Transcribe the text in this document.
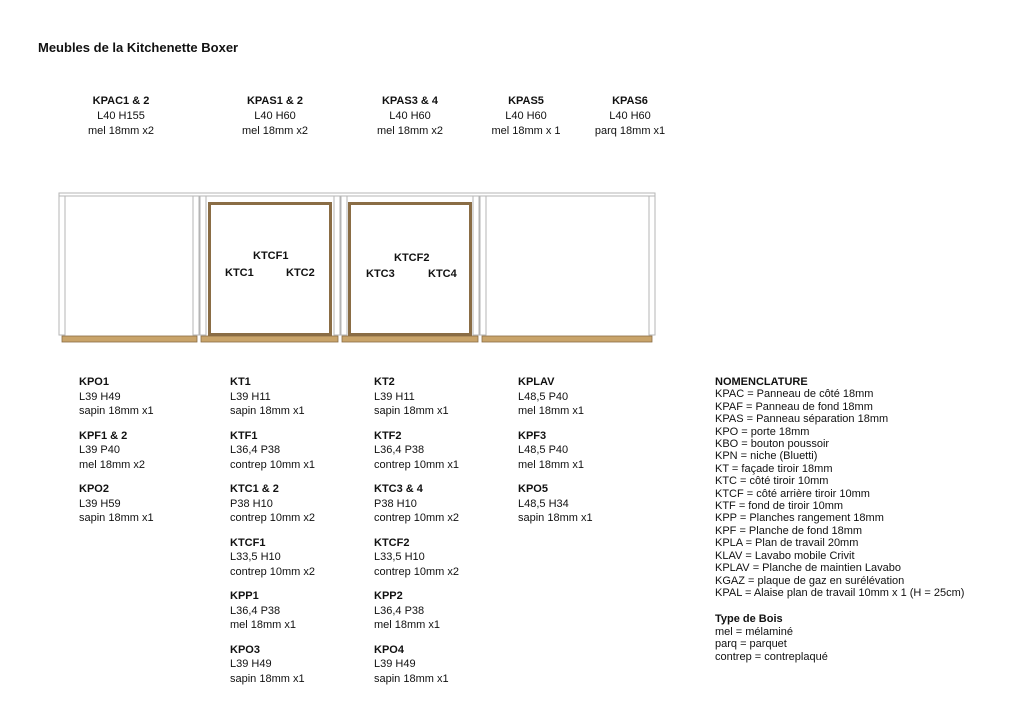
Meubles de la Kitchenette Boxer
KPAC1 & 2
L40 H155
mel 18mm x2
KPAS1 & 2
L40 H60
mel 18mm x2
KPAS3 & 4
L40 H60
mel 18mm x2
KPAS5
L40 H60
mel 18mm x 1
KPAS6
L40 H60
parq 18mm x1
KTCF1
KTC1	KTC2
KTCF2
KTC3	KTC4
KPO1
L39 H49
sapin 18mm x1
KPF1 & 2
L39 P40
mel 18mm x2
KPO2
L39 H59
sapin 18mm x1
KT1
L39 H11
sapin 18mm x1
KTF1
L36,4 P38
contrep 10mm x1
KTC1 & 2
P38 H10
contrep 10mm x2
KTCF1
L33,5 H10
contrep 10mm x2
KPP1
L36,4 P38
mel 18mm x1
KPO3
L39 H49
sapin 18mm x1
KT2
L39 H11
sapin 18mm x1
KTF2
L36,4 P38
contrep 10mm x1
KTC3 & 4
P38 H10
contrep 10mm x2
KTCF2
L33,5 H10
contrep 10mm x2
KPP2
L36,4 P38
mel 18mm x1
KPO4
L39 H49
sapin 18mm x1
KPLAV
L48,5 P40
mel 18mm x1
KPF3
L48,5 P40
mel 18mm x1
KPO5
L48,5 H34
sapin 18mm x1
NOMENCLATURE
KPAC = Panneau de côté 18mm
KPAF = Panneau de fond 18mm
KPAS = Panneau séparation 18mm
KPO = porte 18mm
KBO = bouton poussoir
KPN = niche (Bluetti)
KT = façade tiroir 18mm
KTC = côté tiroir 10mm
KTCF = côté arrière tiroir 10mm
KTF = fond de tiroir 10mm
KPP = Planches rangement 18mm
KPF = Planche de fond 18mm
KPLA = Plan de travail 20mm
KLAV = Lavabo mobile Crivit
KPLAV = Planche de maintien Lavabo
KGAZ = plaque de gaz en surélévation
KPAL = Alaise plan de travail 10mm x 1 (H = 25cm)
Type de Bois
mel = mélaminé
parq = parquet
contrep = contreplaqué
